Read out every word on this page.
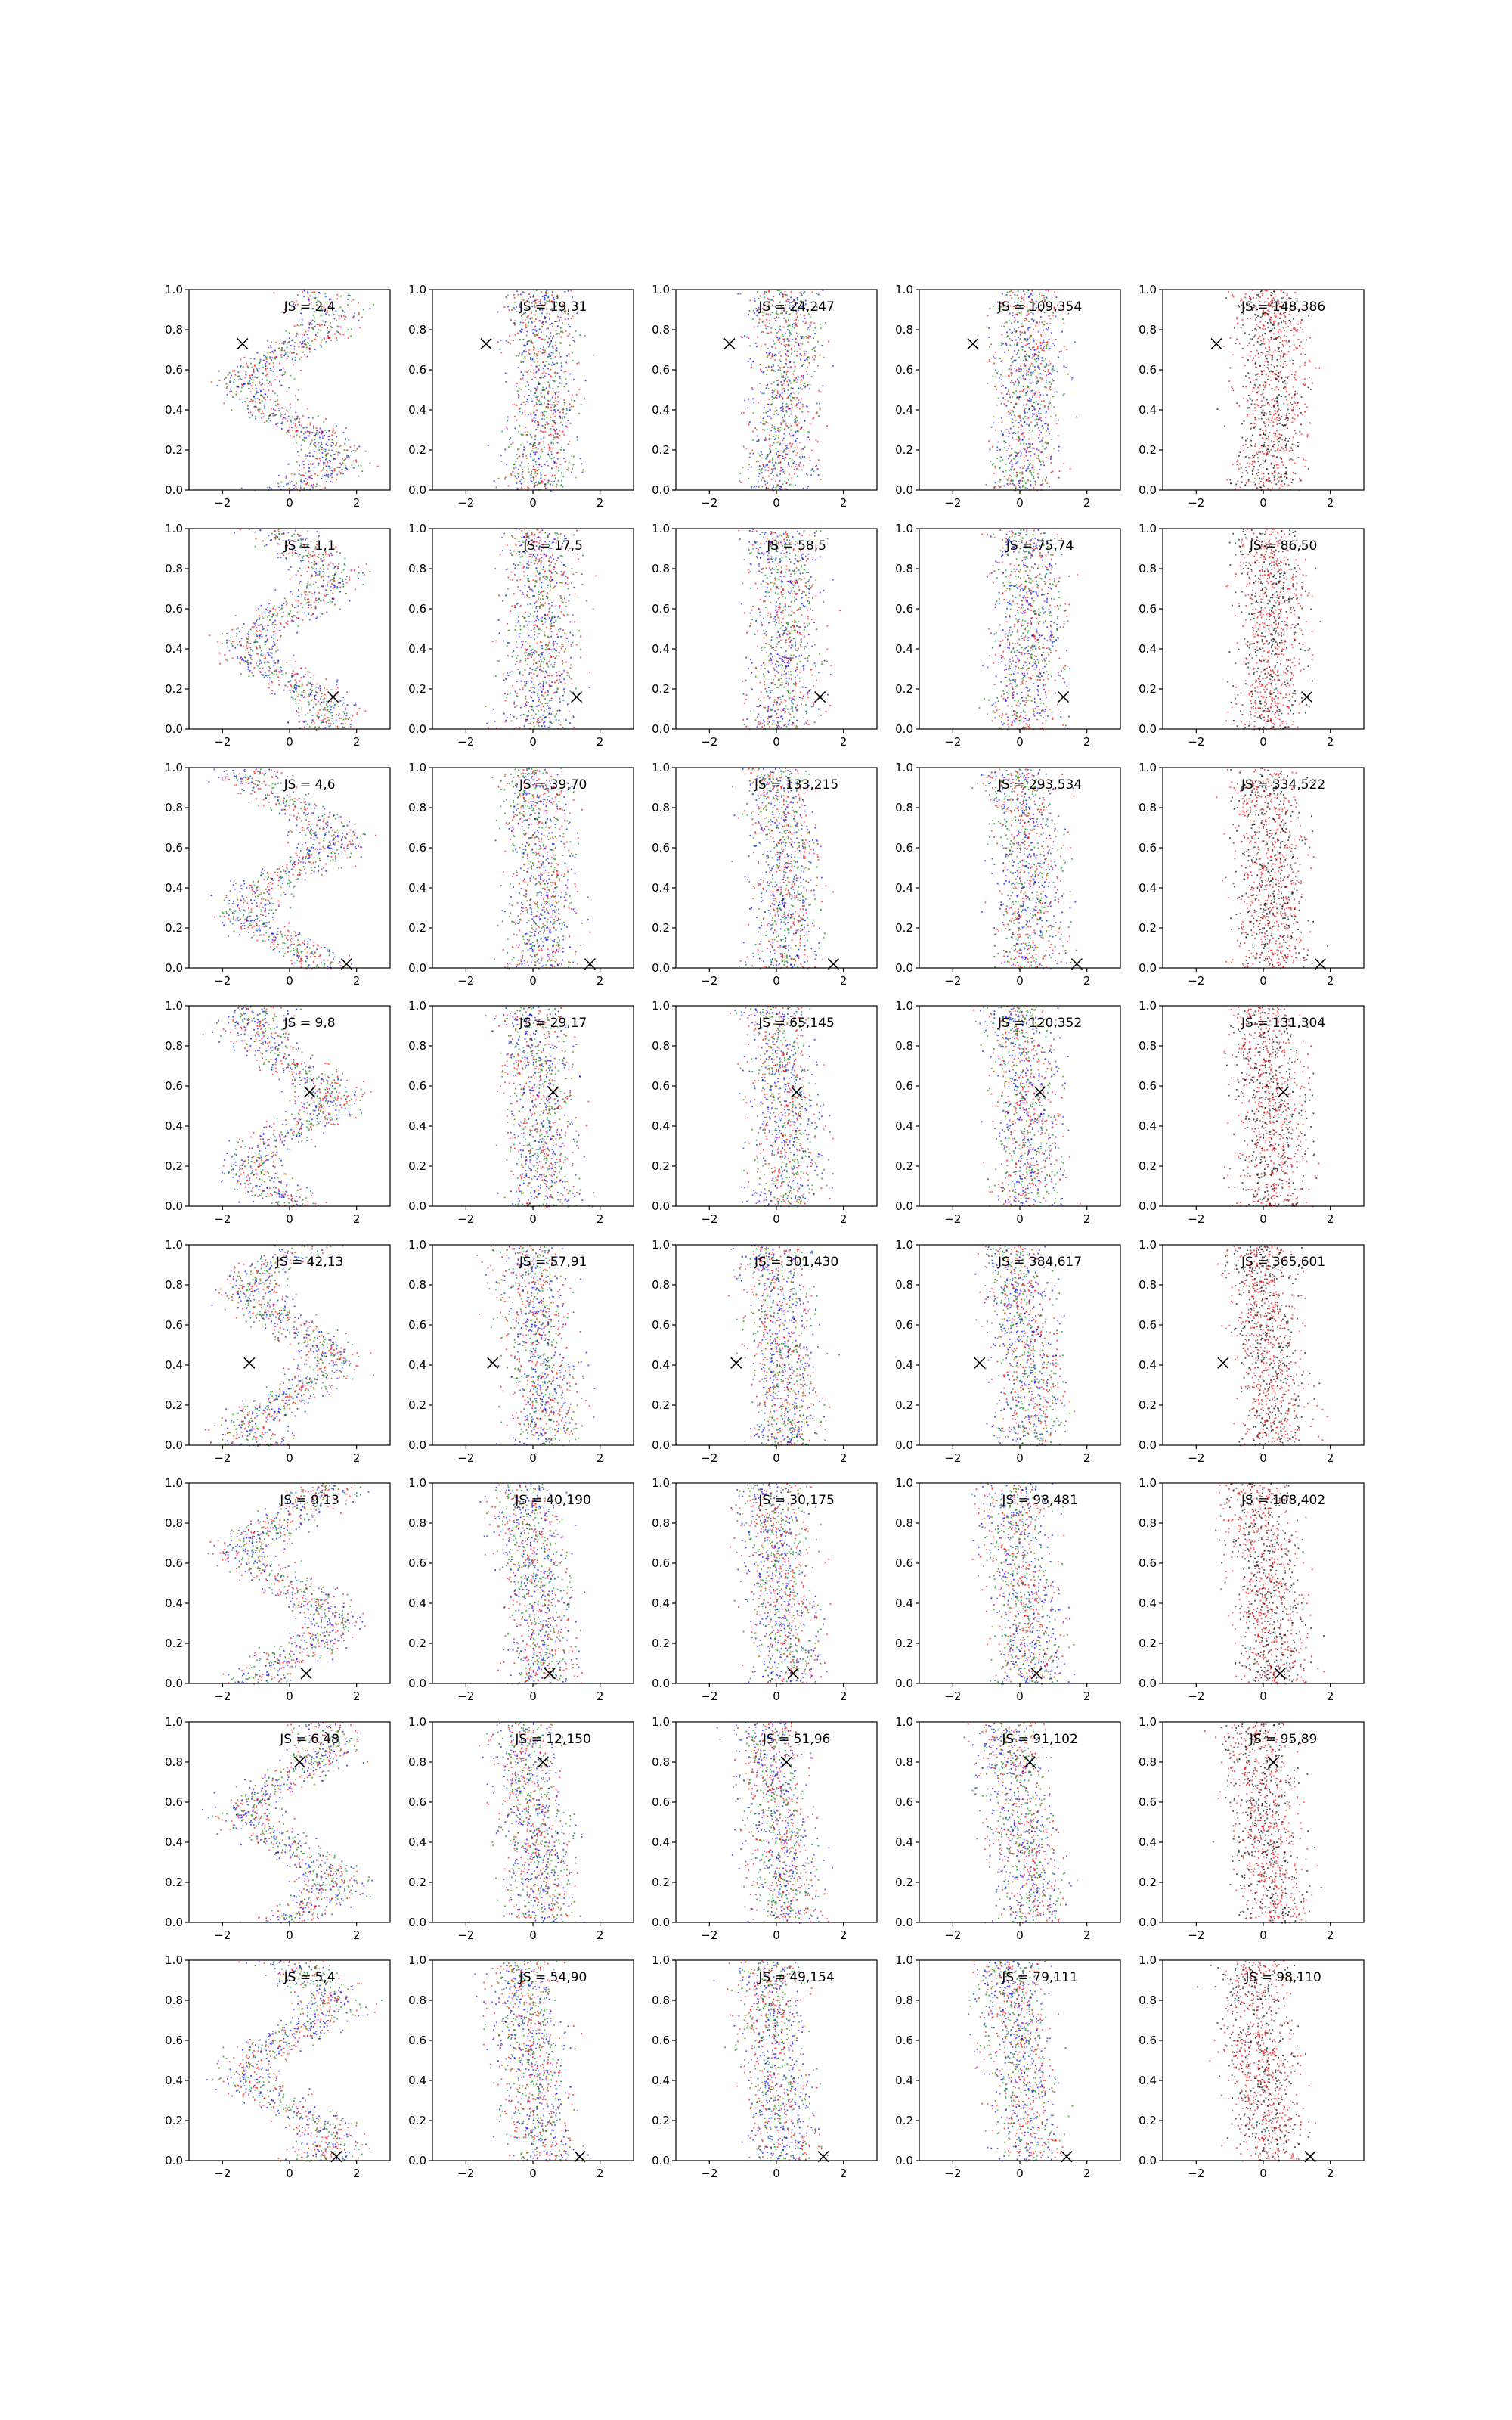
0.0
0.2
0.4
0.6
0.8
1.0
−2	0	2
JS = 2,4
0.0
0.2
0.4
0.6
0.8
1.0
−2	0	2
JS = 19,31
0.0
0.2
0.4
0.6
0.8
1.0
−2	0	2
JS = 24,247
0.0
0.2
0.4
0.6
0.8
1.0
−2	0	2
JS = 109,354
0.0
0.2
0.4
0.6
0.8
1.0
−2	0	2
JS = 148,386
0.0
0.2
0.4
0.6
0.8
1.0
−2	0	2
JS = 1,1
0.0
0.2
0.4
0.6
0.8
1.0
−2	0	2
JS = 17,5
0.0
0.2
0.4
0.6
0.8
1.0
−2	0	2
JS = 58,5
0.0
0.2
0.4
0.6
0.8
1.0
−2	0	2
JS = 75,74
0.0
0.2
0.4
0.6
0.8
1.0
−2	0	2
JS = 86,50
0.0
0.2
0.4
0.6
0.8
1.0
−2	0	2
JS = 4,6
0.0
0.2
0.4
0.6
0.8
1.0
−2	0	2
JS = 39,70
0.0
0.2
0.4
0.6
0.8
1.0
−2	0	2
JS = 133,215
0.0
0.2
0.4
0.6
0.8
1.0
−2	0	2
JS = 293,534
0.0
0.2
0.4
0.6
0.8
1.0
−2	0	2
JS = 334,522
0.0
0.2
0.4
0.6
0.8
1.0
−2	0	2
JS = 9,8
0.0
0.2
0.4
0.6
0.8
1.0
−2	0	2
JS = 29,17
0.0
0.2
0.4
0.6
0.8
1.0
−2	0	2
JS = 65,145
0.0
0.2
0.4
0.6
0.8
1.0
−2	0	2
JS = 120,352
0.0
0.2
0.4
0.6
0.8
1.0
−2	0	2
JS = 131,304
0.0
0.2
0.4
0.6
0.8
1.0
−2	0	2
JS = 42,13
0.0
0.2
0.4
0.6
0.8
1.0
−2	0	2
JS = 57,91
0.0
0.2
0.4
0.6
0.8
1.0
−2	0	2
JS = 301,430
0.0
0.2
0.4
0.6
0.8
1.0
−2	0	2
JS = 384,617
0.0
0.2
0.4
0.6
0.8
1.0
−2	0	2
JS = 365,601
0.0
0.2
0.4
0.6
0.8
1.0
−2	0	2
JS = 9,13
0.0
0.2
0.4
0.6
0.8
1.0
−2	0	2
JS = 40,190
0.0
0.2
0.4
0.6
0.8
1.0
−2	0	2
JS = 30,175
0.0
0.2
0.4
0.6
0.8
1.0
−2	0	2
JS = 98,481
0.0
0.2
0.4
0.6
0.8
1.0
−2	0	2
JS = 108,402
0.0
0.2
0.4
0.6
0.8
1.0
−2	0	2
JS = 6,48
0.0
0.2
0.4
0.6
0.8
1.0
−2	0	2
JS = 12,150
0.0
0.2
0.4
0.6
0.8
1.0
−2	0	2
JS = 51,96
0.0
0.2
0.4
0.6
0.8
1.0
−2	0	2
JS = 91,102
0.0
0.2
0.4
0.6
0.8
1.0
−2	0	2
JS = 95,89
0.0
0.2
0.4
0.6
0.8
1.0
−2	0	2
JS = 5,4
0.0
0.2
0.4
0.6
0.8
1.0
−2	0	2
JS = 54,90
0.0
0.2
0.4
0.6
0.8
1.0
−2	0	2
JS = 49,154
0.0
0.2
0.4
0.6
0.8
1.0
−2	0	2
JS = 79,111
0.0
0.2
0.4
0.6
0.8
1.0
−2	0	2
JS = 98,110
